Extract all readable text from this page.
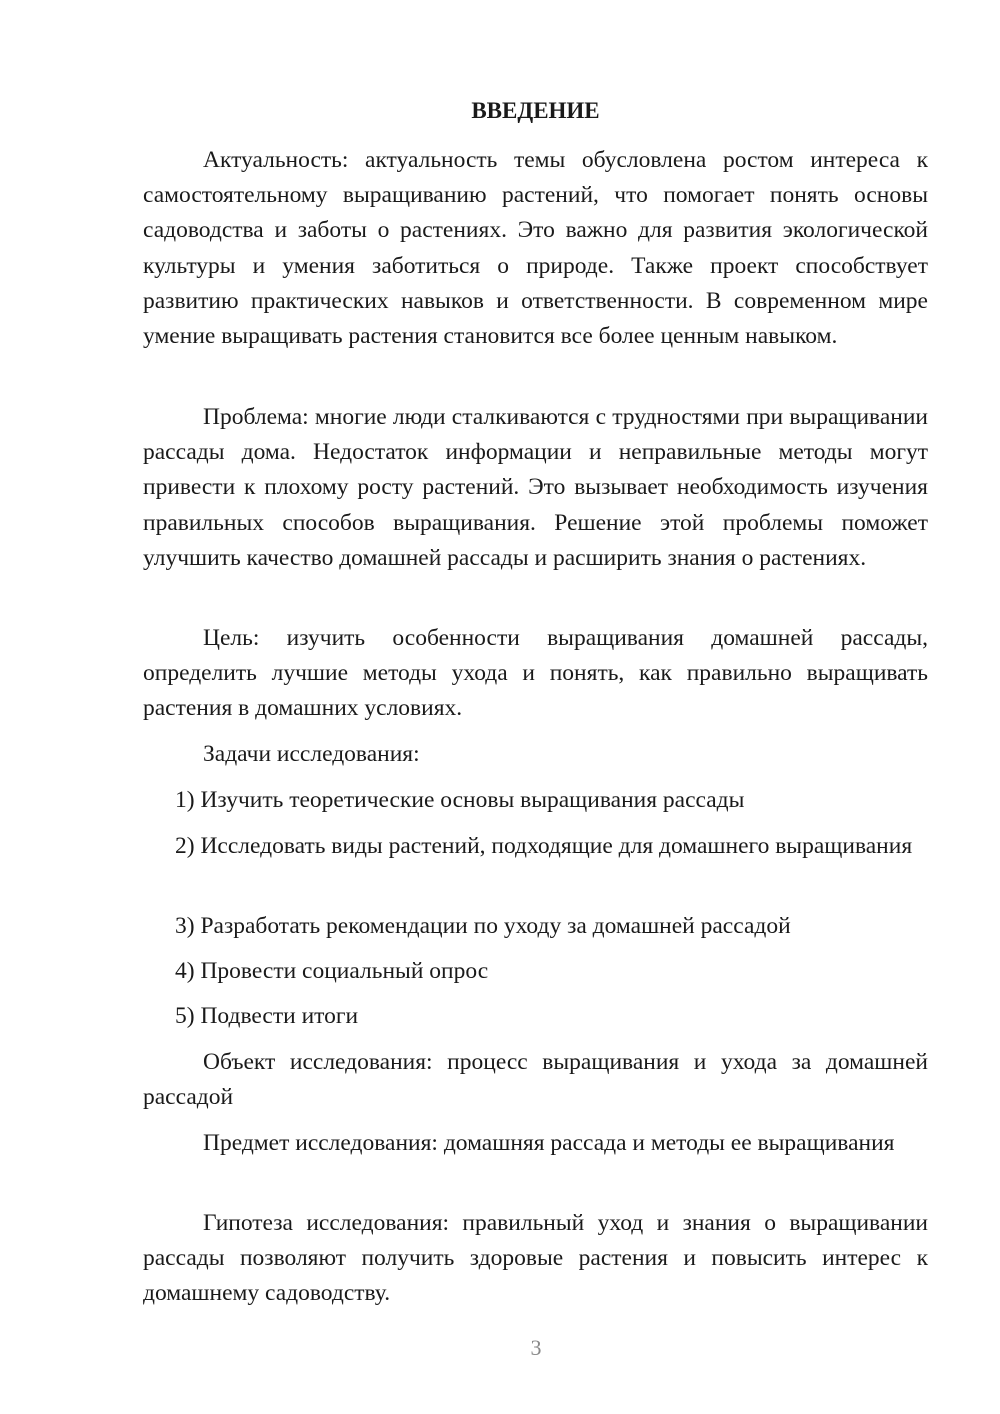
ВВЕДЕНИЕ

Актуальность: актуальность темы обусловлена ростом интереса к самостоятельному выращиванию растений, что помогает понять основы садоводства и заботы о растениях. Это важно для развития экологической культуры и умения заботиться о природе. Также проект способствует развитию практических навыков и ответственности. В современном мире умение выращивать растения становится все более ценным навыком.

Проблема: многие люди сталкиваются с трудностями при выращивании рассады дома. Недостаток информации и неправильные методы могут привести к плохому росту растений. Это вызывает необходимость изучения правильных способов выращивания. Решение этой проблемы поможет улучшить качество домашней рассады и расширить знания о растениях.

Цель: изучить особенности выращивания домашней рассады, определить лучшие методы ухода и понять, как правильно выращивать растения в домашних условиях.

Задачи исследования:

1) Изучить теоретические основы выращивания рассады

2) Исследовать виды растений, подходящие для домашнего выращивания

3) Разработать рекомендации по уходу за домашней рассадой

4) Провести социальный опрос

5) Подвести итоги

Объект исследования: процесс выращивания и ухода за домашней рассадой

Предмет исследования: домашняя рассада и методы ее выращивания

Гипотеза исследования: правильный уход и знания о выращивании рассады позволяют получить здоровые растения и повысить интерес к домашнему садоводству.

3
